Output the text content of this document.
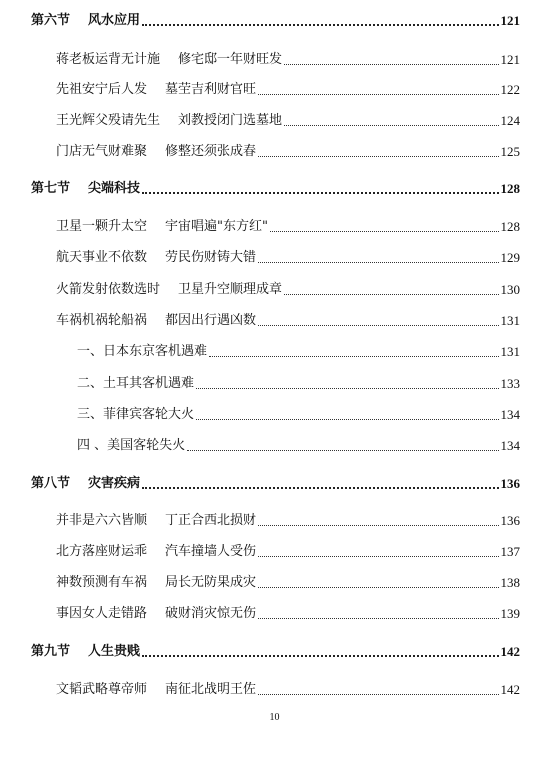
第六节 风水应用	121
蒋老板运背无计施 修宅邸一年财旺发	121
先祖安宁后人发 墓茔吉利财官旺	122
王光辉父殁请先生 刘教授闭门选墓地	124
门店无气财难聚 修整还须张成春	125
第七节 尖端科技	128
卫星一颗升太空 宇宙唱遍"东方红"	128
航天事业不依数 劳民伤财铸大错	129
火箭发射依数选时 卫星升空顺理成章	130
车祸机祸轮船祸 都因出行遇凶数	131
一、日本东京客机遇难	131
二、土耳其客机遇难	133
三、菲律宾客轮大火	134
四 、美国客轮失火	134
第八节 灾害疾病	136
并非是六六皆顺 丁正合西北损财	136
北方落座财运乖 汽车撞墙人受伤	137
神数预测有车祸 局长无防果成灾	138
事因女人走错路 破财消灾惊无伤	139
第九节 人生贵贱	142
文韬武略尊帝师 南征北战明王佐	142
10
